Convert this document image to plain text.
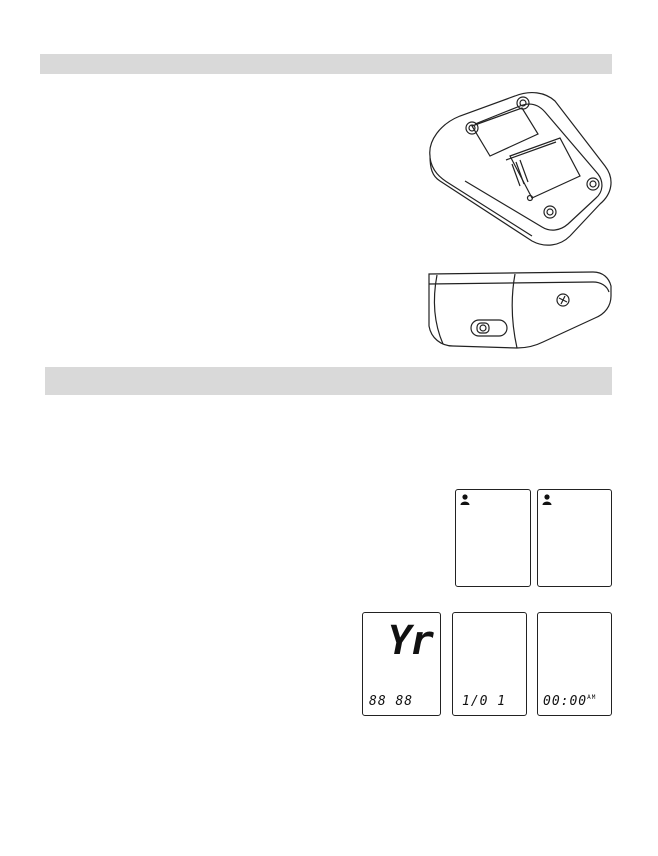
Yr
88 88	1/0 1	$00:00^{AM}$
